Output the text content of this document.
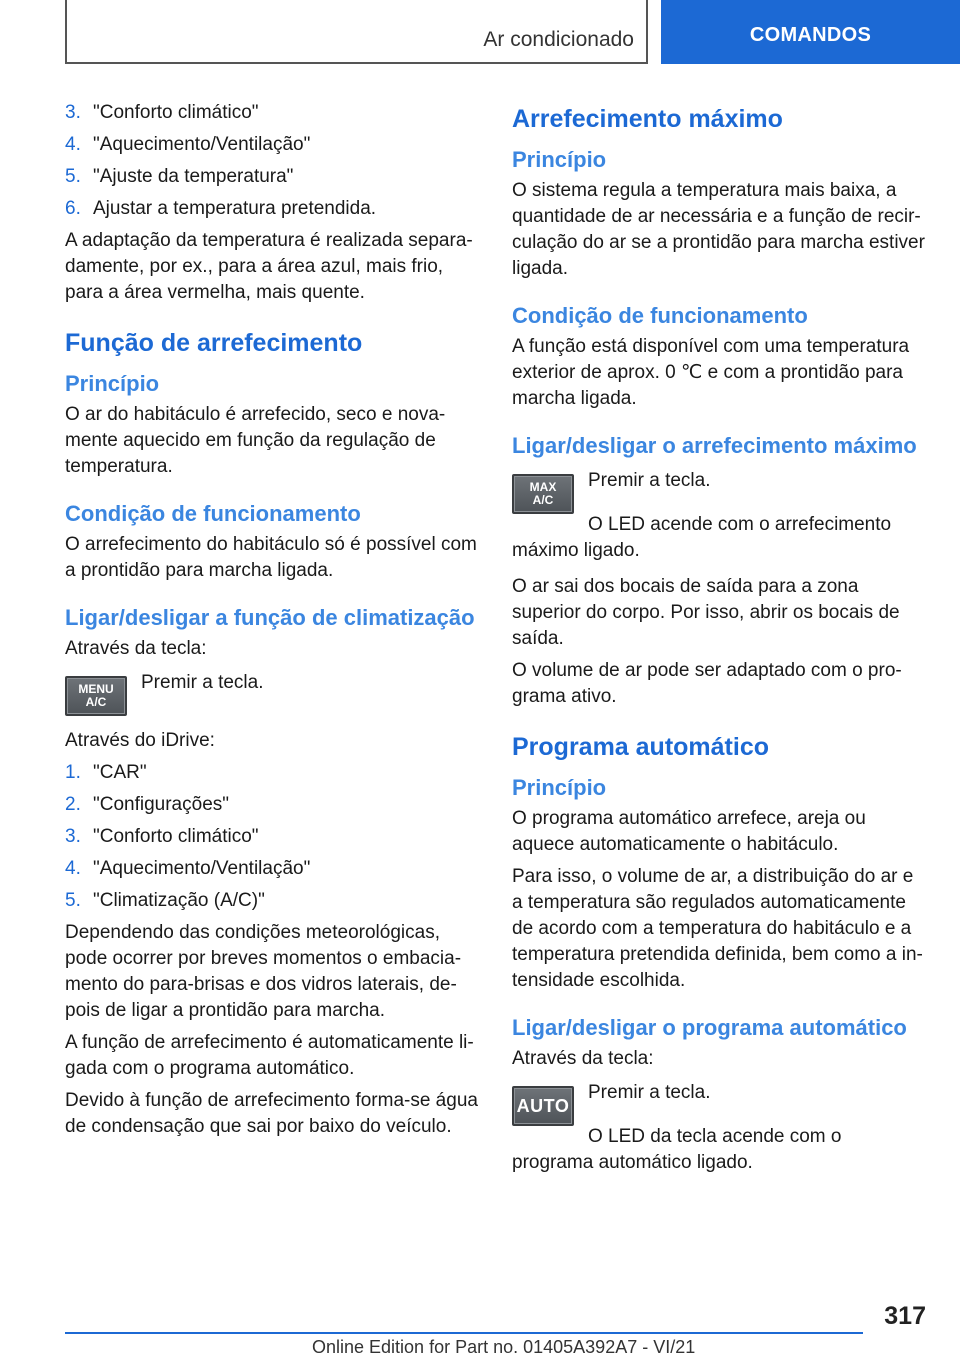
Ar condicionado	COMANDOS
3. "Conforto climático"
4. "Aquecimento/Ventilação"
5. "Ajuste da temperatura"
6. Ajustar a temperatura pretendida.

A adaptação da temperatura é realizada separa-damente, por ex., para a área azul, mais frio, para a área vermelha, mais quente.

Função de arrefecimento
Princípio

O ar do habitáculo é arrefecido, seco e nova-mente aquecido em função da regulação de temperatura.

Condição de funcionamento

O arrefecimento do habitáculo só é possível com a prontidão para marcha ligada.

Ligar/desligar a função de climatização

Através da tecla:

MENU
A/C

Premir a tecla.

Através do iDrive:

1. "CAR"
2. "Configurações"
3. "Conforto climático"
4. "Aquecimento/Ventilação"
5. "Climatização (A/C)"

Dependendo das condições meteorológicas, pode ocorrer por breves momentos o embacia-mento do para-brisas e dos vidros laterais, de-pois de ligar a prontidão para marcha.

A função de arrefecimento é automaticamente li-gada com o programa automático.

Devido à função de arrefecimento forma-se água de condensação que sai por baixo do veículo.

Arrefecimento máximo
Princípio

O sistema regula a temperatura mais baixa, a quantidade de ar necessária e a função de recir-culação do ar se a prontidão para marcha estiver ligada.

Condição de funcionamento

A função está disponível com uma temperatura exterior de aprox. 0 ℃ e com a prontidão para marcha ligada.

Ligar/desligar o arrefecimento máximo
MAX
A/C

Premir a tecla.

O LED acende com o arrefecimento máximo ligado.

O ar sai dos bocais de saída para a zona superior do corpo. Por isso, abrir os bocais de saída.

O volume de ar pode ser adaptado com o pro-grama ativo.

Programa automático
Princípio

O programa automático arrefece, areja ou aquece automaticamente o habitáculo.

Para isso, o volume de ar, a distribuição do ar e a temperatura são regulados automaticamente de acordo com a temperatura do habitáculo e a temperatura pretendida definida, bem como a in-tensidade escolhida.

Ligar/desligar o programa automático

Através da tecla:

AUTO

Premir a tecla.

O LED da tecla acende com o programa automático ligado.

317
Online Edition for Part no. 01405A392A7 - VI/21
